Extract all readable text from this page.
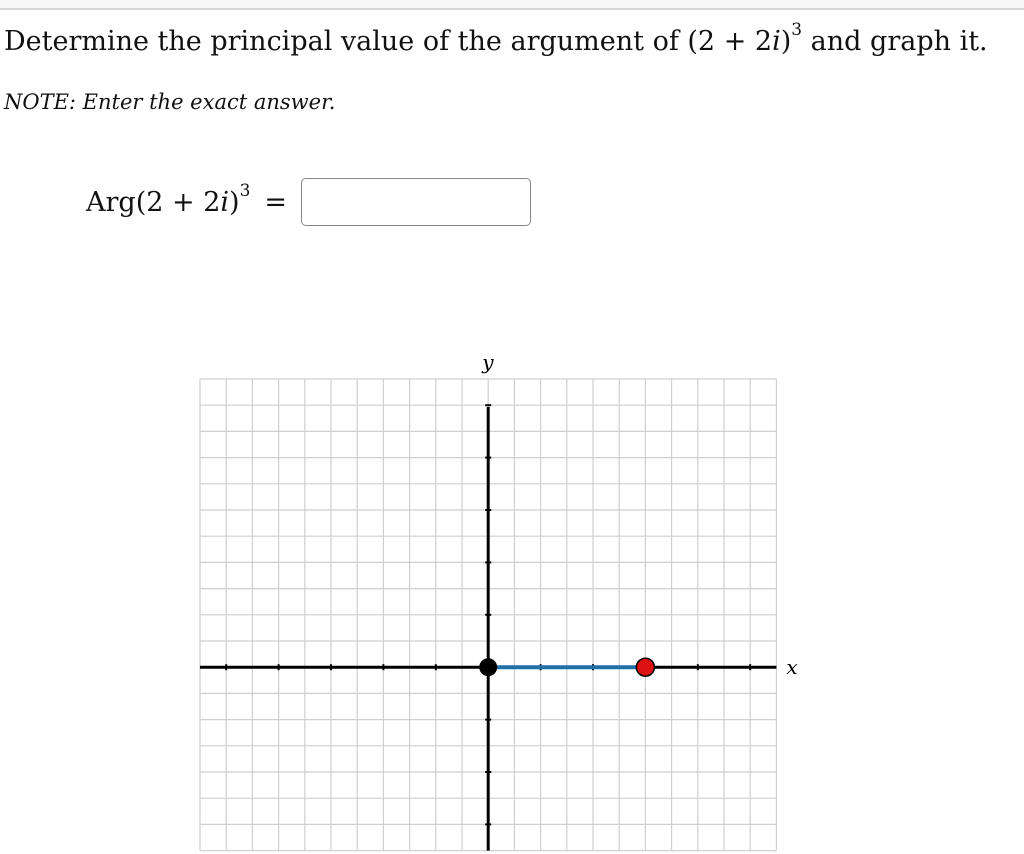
Determine the principal value of the argument of $(2 + 2i)^3$ and graph it.
NOTE: Enter the exact answer.
$Arg(2 + 2i)^3$ =
x
y
